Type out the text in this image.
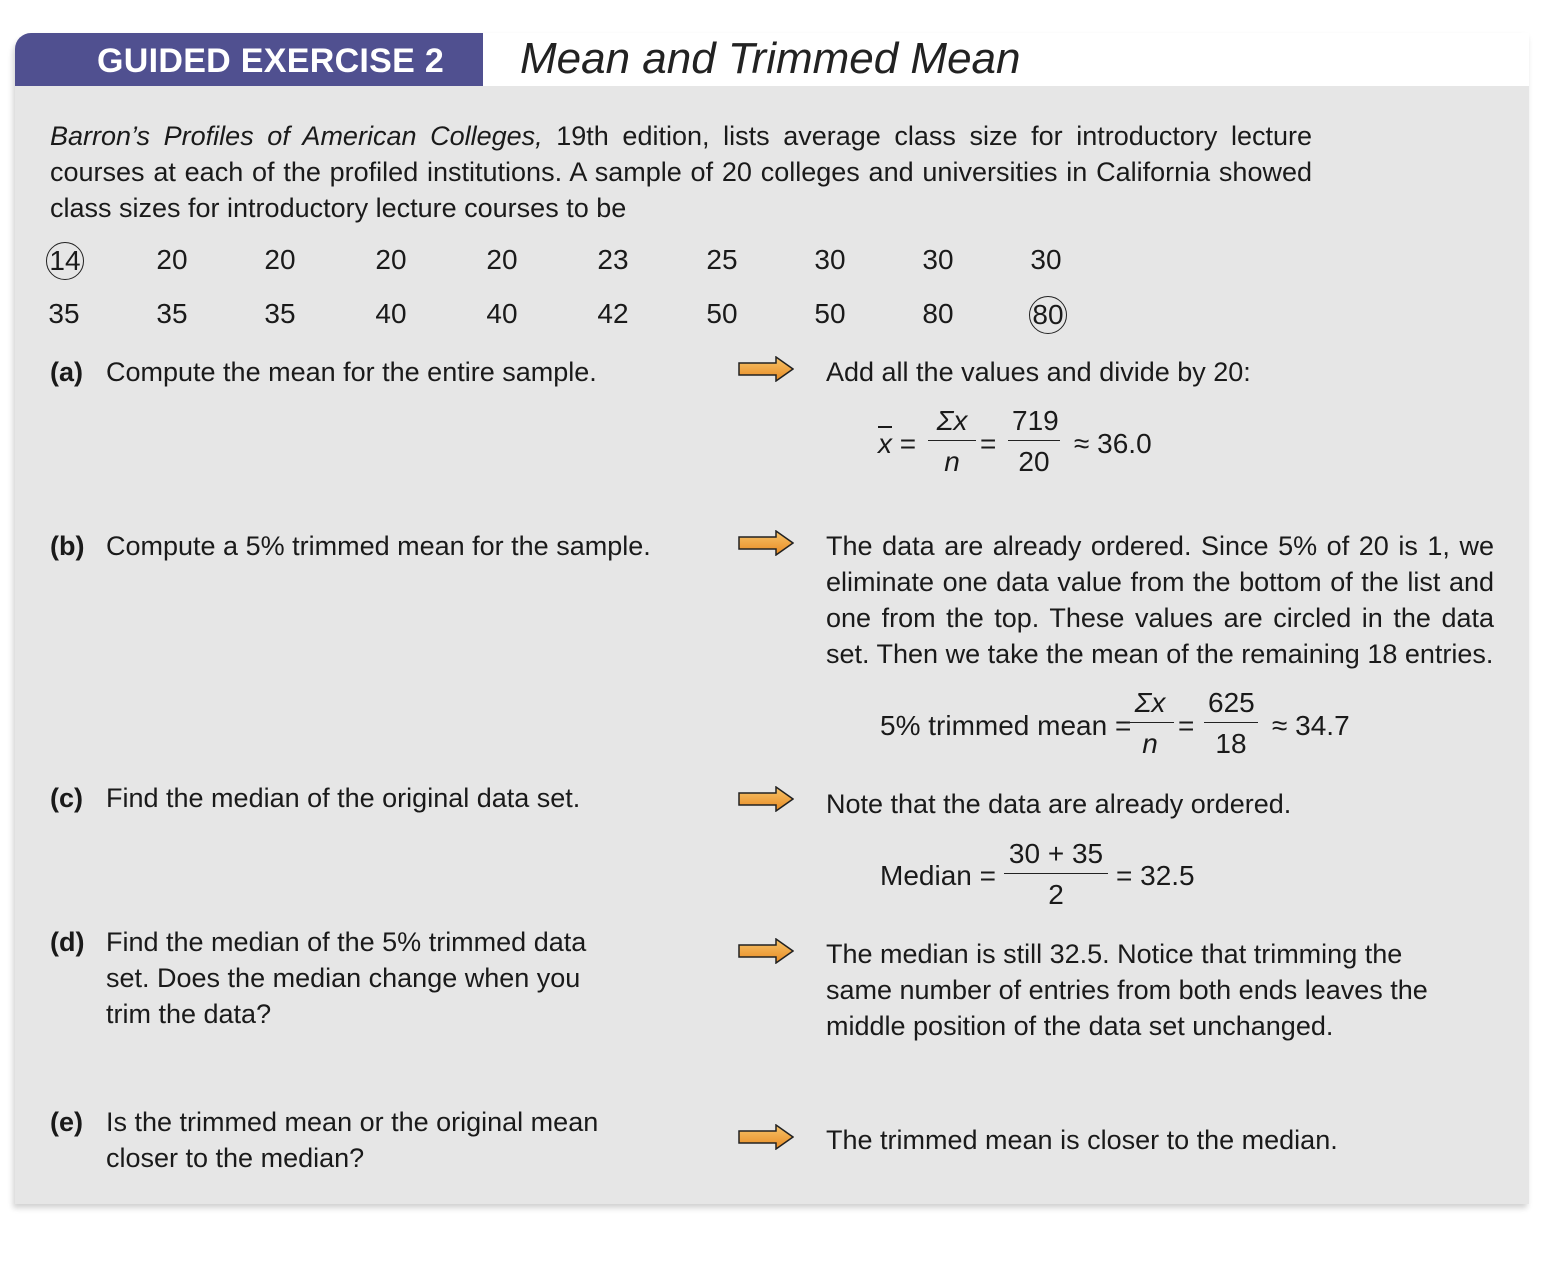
GUIDED EXERCISE 2	Mean and Trimmed Mean
Barron’s Profiles of American Colleges, 19th edition, lists average class size for introductory lecture courses at each of the profiled institutions. A sample of 20 colleges and universities in California showed class sizes for introductory lecture courses to be
14	20	20	20	20	23	25	30	30	30
35	35	35	40	40	42	50	50	80	80
(a) Compute the mean for the entire sample.	Add all the values and divide by 20:
$\overline{x} = \frac{\Sigma x}{n} = \frac{719}{20} \approx 36.0$
(b) Compute a 5% trimmed mean for the sample.	The data are already ordered. Since 5% of 20 is 1, we eliminate one data value from the bottom of the list and one from the top. These values are circled in the data set. Then we take the mean of the remaining 18 entries.
5% trimmed mean =
$\frac{\Sigma x}{n} = \frac{625}{18} \approx 34.7$
(c) Find the median of the original data set.	Note that the data are already ordered.
Median = $\frac{30 + 35}{2} = 32.5$
(d) Find the median of the 5% trimmed data set. Does the median change when you trim the data?
The median is still 32.5. Notice that trimming the same number of entries from both ends leaves the middle position of the data set unchanged.
(e) Is the trimmed mean or the original mean closer to the median?
The trimmed mean is closer to the median.
